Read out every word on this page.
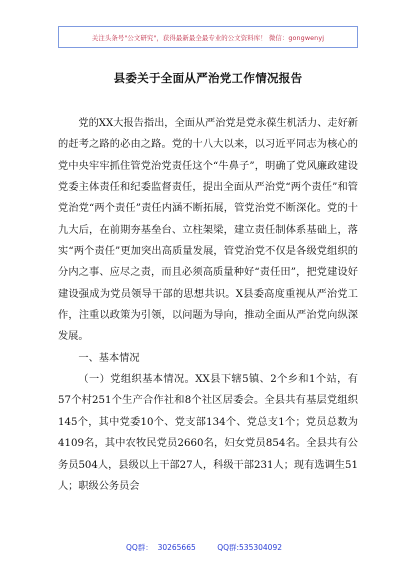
关注头条号"公文研究"，获得最新最全最专业的公文资料库！ 微信：gongwenyj
县委关于全面从严治党工作情况报告

党的XX大报告指出，全面从严治党是党永葆生机活力、走好新的赶考之路的必由之路。党的十八大以来，以习近平同志为核心的党中央牢牢抓住管党治党责任这个“牛鼻子”，明确了党风廉政建设党委主体责任和纪委监督责任，提出全面从严治党“两个责任”和管党治党“两个责任”责任内涵不断拓展，管党治党不断深化。党的十九大后，在前期夯基垒台、立柱架梁，建立责任制体系基础上，落实“两个责任”更加突出高质量发展，管党治党不仅是各级党组织的分内之事、应尽之责，而且必须高质量种好“责任田”，把党建设好建设强成为党员领导干部的思想共识。X县委高度重视从严治党工作，注重以政策为引领，以问题为导向，推动全面从严治党向纵深发展。

一、基本情况

（一）党组织基本情况。XX县下辖5镇、2个乡和1个站，有57个村251个生产合作社和8个社区居委会。全县共有基层党组织145个，其中党委10个、党支部134个、党总支1个；党员总数为4109名，其中农牧民党员2660名，妇女党员854名。全县共有公务员504人，县级以上干部27人，科级干部231人；现有选调生51人；职级公务员会

QQ群：  30265665         QQ群:535304092
